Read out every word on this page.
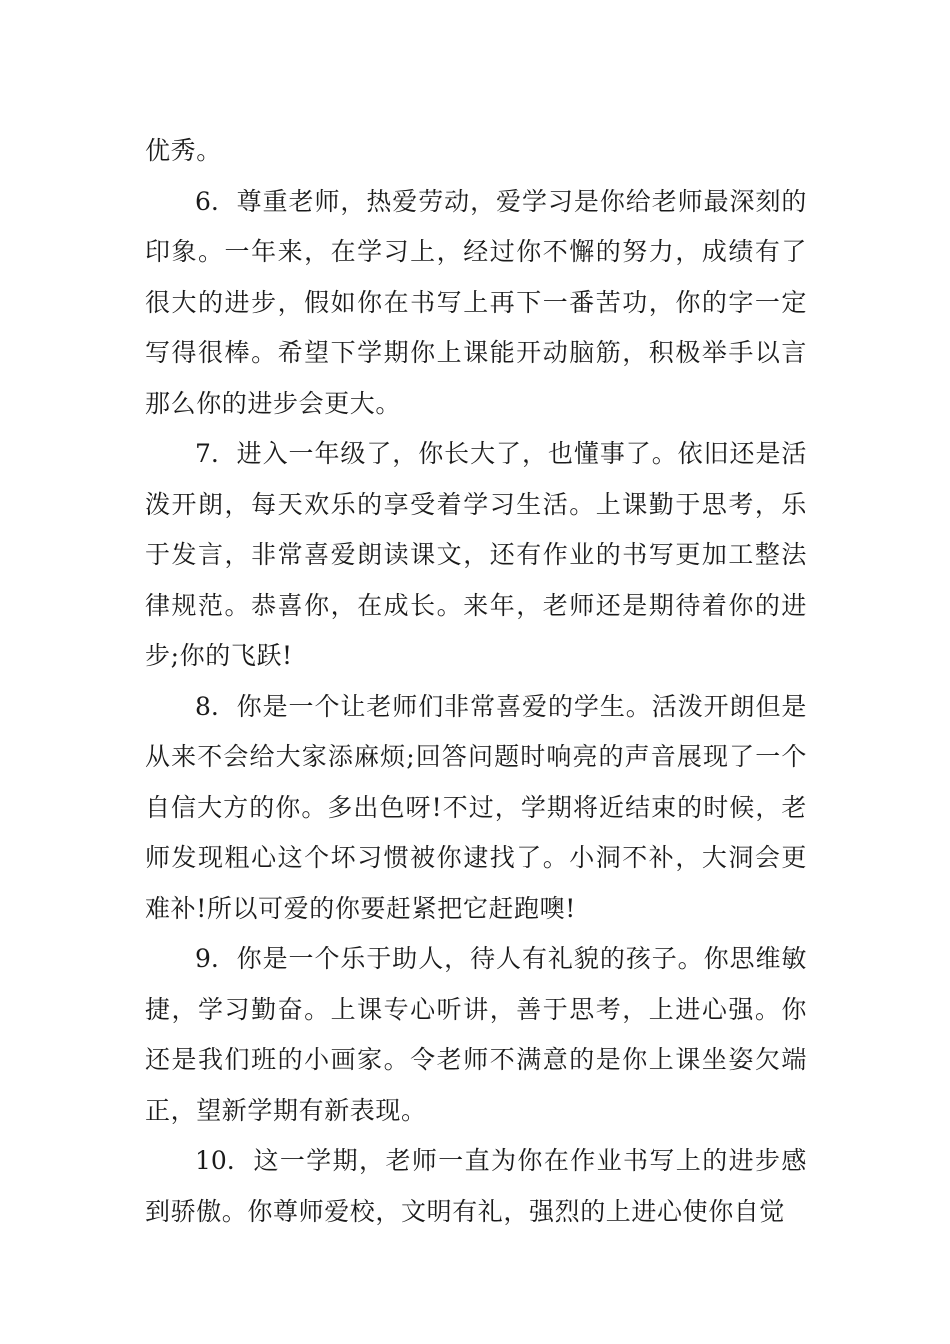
优秀。

6. 尊重老师，热爱劳动，爱学习是你给老师最深刻的印象。一年来，在学习上，经过你不懈的努力，成绩有了很大的进步，假如你在书写上再下一番苦功，你的字一定写得很棒。希望下学期你上课能开动脑筋，积极举手以言那么你的进步会更大。

7. 进入一年级了，你长大了，也懂事了。依旧还是活泼开朗，每天欢乐的享受着学习生活。上课勤于思考，乐于发言，非常喜爱朗读课文，还有作业的书写更加工整法律规范。恭喜你，在成长。来年，老师还是期待着你的进步;你的飞跃!

8. 你是一个让老师们非常喜爱的学生。活泼开朗但是从来不会给大家添麻烦;回答问题时响亮的声音展现了一个自信大方的你。多出色呀!不过，学期将近结束的时候，老师发现粗心这个坏习惯被你逮找了。小洞不补，大洞会更难补!所以可爱的你要赶紧把它赶跑噢!

9. 你是一个乐于助人，待人有礼貌的孩子。你思维敏捷，学习勤奋。上课专心听讲，善于思考，上进心强。你还是我们班的小画家。令老师不满意的是你上课坐姿欠端正，望新学期有新表现。

10. 这一学期，老师一直为你在作业书写上的进步感到骄傲。你尊师爱校，文明有礼，强烈的上进心使你自觉
